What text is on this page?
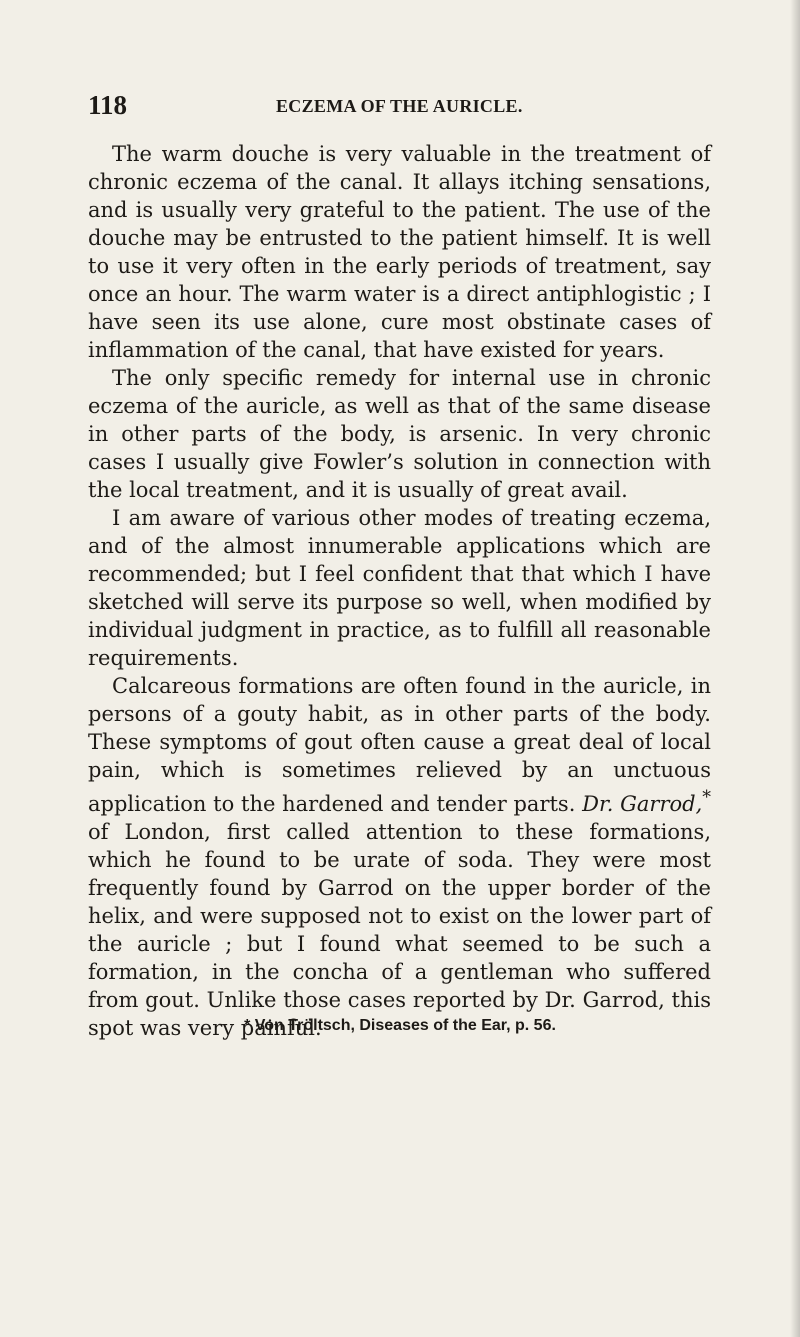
118	ECZEMA OF THE AURICLE.

The warm douche is very valuable in the treatment of chronic eczema of the canal. It allays itching sensations, and is usually very grateful to the patient. The use of the douche may be entrusted to the patient himself. It is well to use it very often in the early periods of treatment, say once an hour. The warm water is a direct antiphlogistic ; I have seen its use alone, cure most obstinate cases of inflammation of the canal, that have existed for years.

The only specific remedy for internal use in chronic eczema of the auricle, as well as that of the same disease in other parts of the body, is arsenic. In very chronic cases I usually give Fowler’s solution in connection with the local treatment, and it is usually of great avail.

I am aware of various other modes of treating eczema, and of the almost innumerable applications which are recommended; but I feel confident that that which I have sketched will serve its purpose so well, when modified by individual judgment in practice, as to fulfill all reasonable requirements.

Calcareous formations are often found in the auricle, in persons of a gouty habit, as in other parts of the body. These symptoms of gout often cause a great deal of local pain, which is sometimes relieved by an unctuous application to the hardened and tender parts. Dr. Garrod,* of London, first called attention to these formations, which he found to be urate of soda. They were most frequently found by Garrod on the upper border of the helix, and were supposed not to exist on the lower part of the auricle ; but I found what seemed to be such a formation, in the concha of a gentleman who suffered from gout. Unlike those cases reported by Dr. Garrod, this spot was very painful.

* Von Tröltsch, Diseases of the Ear, p. 56.
